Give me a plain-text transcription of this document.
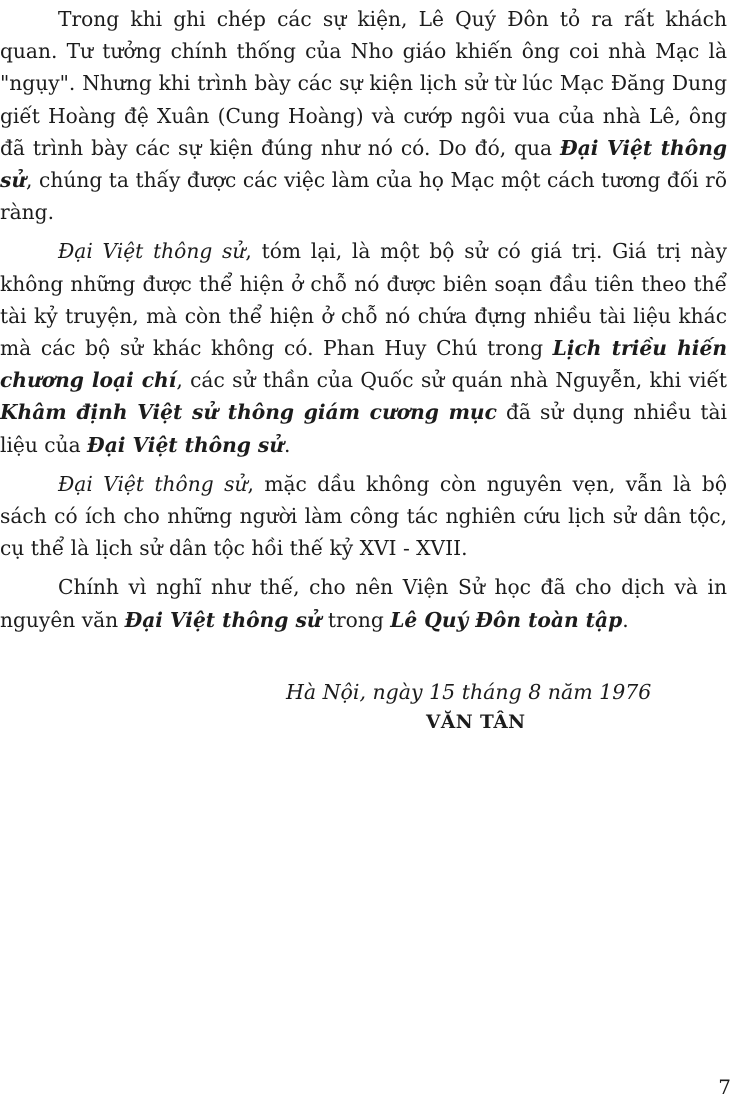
Trong khi ghi chép các sự kiện, Lê Quý Đôn tỏ ra rất khách quan. Tư tưởng chính thống của Nho giáo khiến ông coi nhà Mạc là "ngụy". Nhưng khi trình bày các sự kiện lịch sử từ lúc Mạc Đăng Dung giết Hoàng đệ Xuân (Cung Hoàng) và cướp ngôi vua của nhà Lê, ông đã trình bày các sự kiện đúng như nó có. Do đó, qua Đại Việt thông sử, chúng ta thấy được các việc làm của họ Mạc một cách tương đối rõ ràng.

Đại Việt thông sử, tóm lại, là một bộ sử có giá trị. Giá trị này không những được thể hiện ở chỗ nó được biên soạn đầu tiên theo thể tài kỷ truyện, mà còn thể hiện ở chỗ nó chứa đựng nhiều tài liệu khác mà các bộ sử khác không có. Phan Huy Chú trong Lịch triều hiến chương loại chí, các sử thần của Quốc sử quán nhà Nguyễn, khi viết Khâm định Việt sử thông giám cương mục đã sử dụng nhiều tài liệu của Đại Việt thông sử.

Đại Việt thông sử, mặc dầu không còn nguyên vẹn, vẫn là bộ sách có ích cho những người làm công tác nghiên cứu lịch sử dân tộc, cụ thể là lịch sử dân tộc hồi thế kỷ XVI - XVII.

Chính vì nghĩ như thế, cho nên Viện Sử học đã cho dịch và in nguyên văn Đại Việt thông sử trong Lê Quý Đôn toàn tập.

Hà Nội, ngày 15 tháng 8 năm 1976
VĂN TÂN
7
